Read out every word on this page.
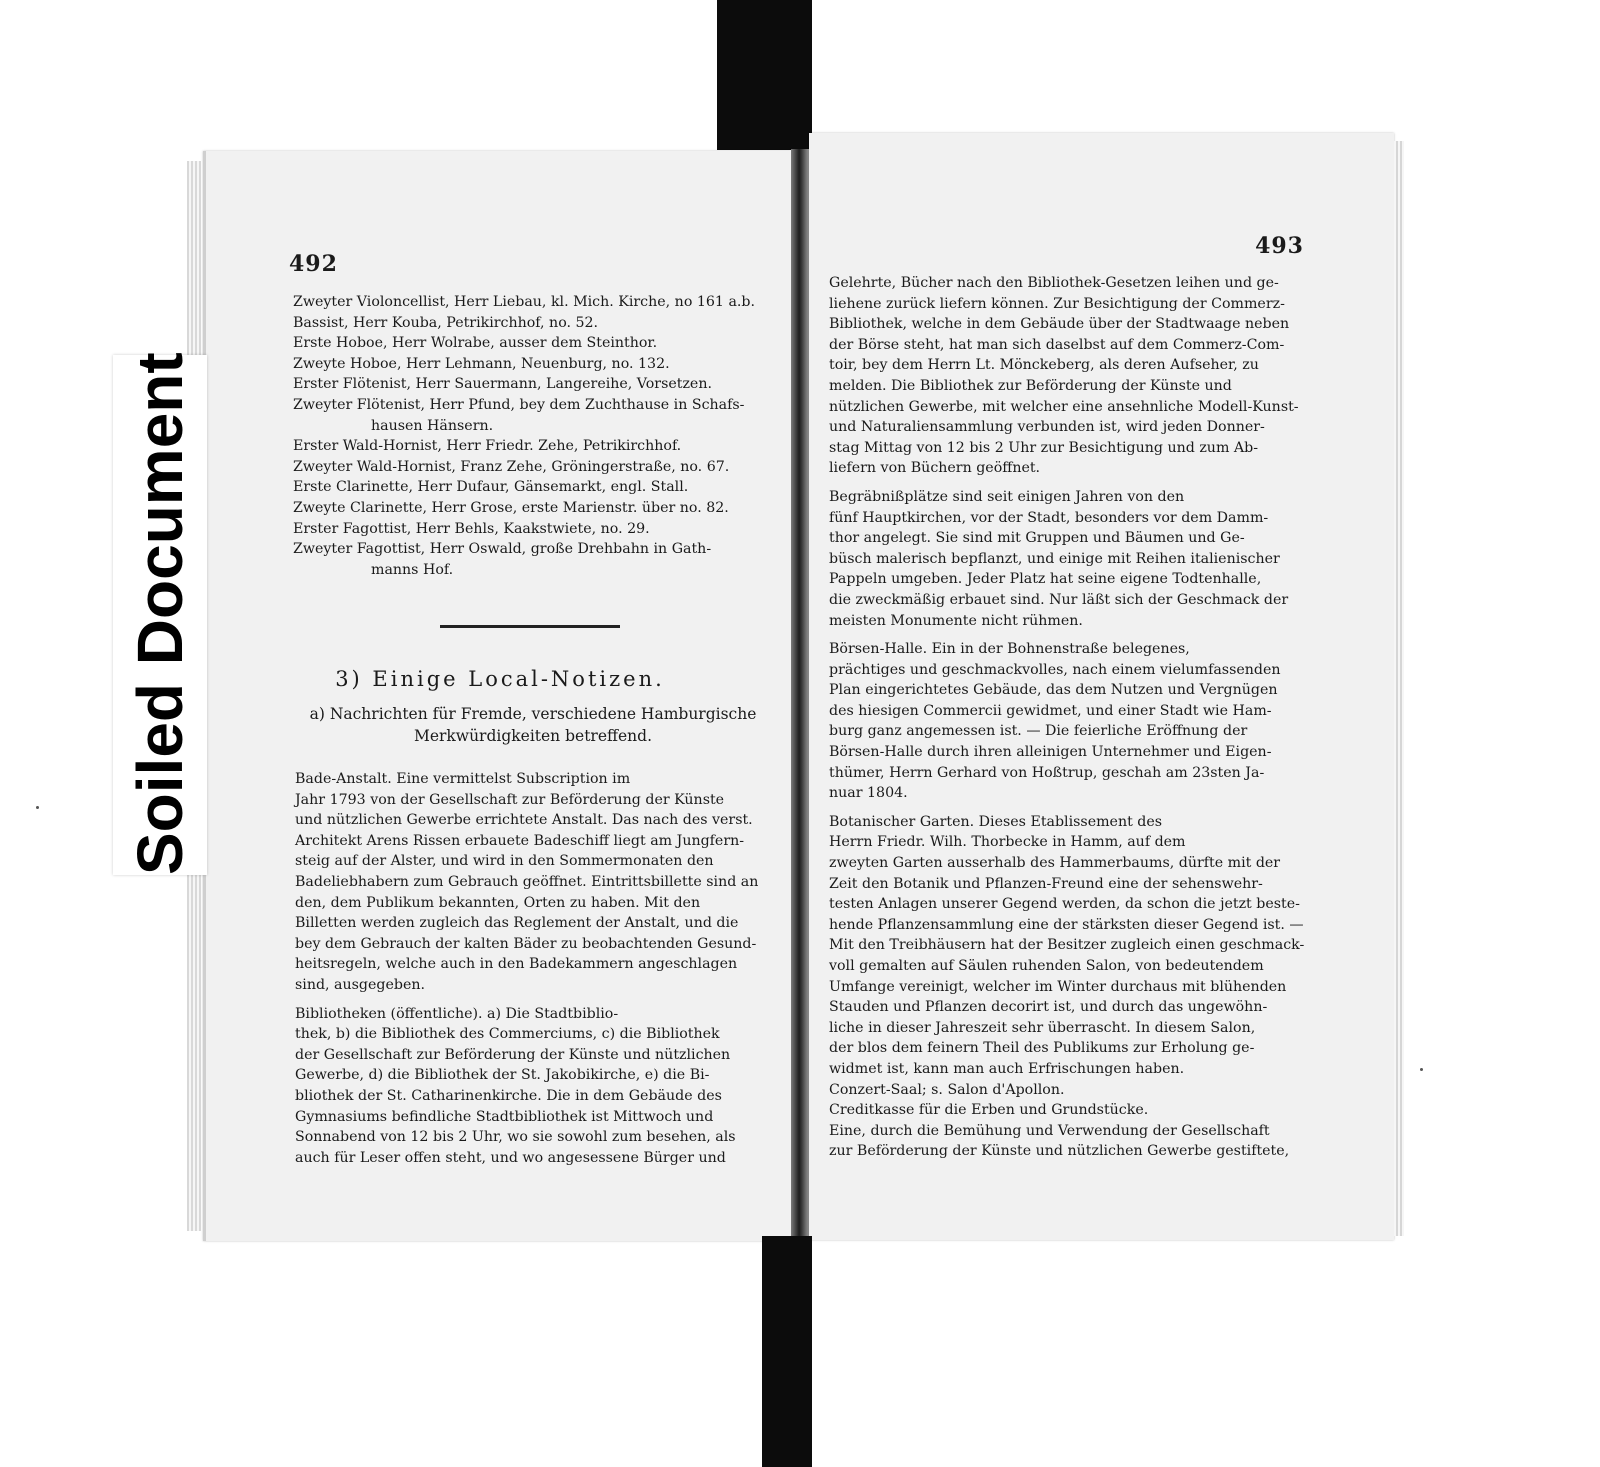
492
Zweyter Violoncellist, Herr Liebau, kl. Mich. Kirche, no 161 a.b.
Bassist, Herr Kouba, Petrikirchhof, no. 52.
Erste Hoboe, Herr Wolrabe, ausser dem Steinthor.
Zweyte Hoboe, Herr Lehmann, Neuenburg, no. 132.
Erster Flötenist, Herr Sauermann, Langereihe, Vorsetzen.
Zweyter Flötenist, Herr Pfund, bey dem Zuchthause in Schafs-
hausen Hänsern.
Erster Wald-Hornist, Herr Friedr. Zehe, Petrikirchhof.
Zweyter Wald-Hornist, Franz Zehe, Gröningerstraße, no. 67.
Erste Clarinette, Herr Dufaur, Gänsemarkt, engl. Stall.
Zweyte Clarinette, Herr Grose, erste Marienstr. über no. 82.
Erster Fagottist, Herr Behls, Kaakstwiete, no. 29.
Zweyter Fagottist, Herr Oswald, große Drehbahn in Gath-
manns Hof.
3) Einige Local-Notizen.
a) Nachrichten für Fremde, verschiedene Hamburgische
Merkwürdigkeiten betreffend.
Bade-Anstalt. Eine vermittelst Subscription im
Jahr 1793 von der Gesellschaft zur Beförderung der Künste
und nützlichen Gewerbe errichtete Anstalt. Das nach des verst.
Architekt Arens Rissen erbauete Badeschiff liegt am Jungfern-
steig auf der Alster, und wird in den Sommermonaten den
Badeliebhabern zum Gebrauch geöffnet. Eintrittsbillette sind an
den, dem Publikum bekannten, Orten zu haben. Mit den
Billetten werden zugleich das Reglement der Anstalt, und die
bey dem Gebrauch der kalten Bäder zu beobachtenden Gesund-
heitsregeln, welche auch in den Badekammern angeschlagen
sind, ausgegeben.
Bibliotheken (öffentliche). a) Die Stadtbiblio-
thek, b) die Bibliothek des Commerciums, c) die Bibliothek
der Gesellschaft zur Beförderung der Künste und nützlichen
Gewerbe, d) die Bibliothek der St. Jakobikirche, e) die Bi-
bliothek der St. Catharinenkirche. Die in dem Gebäude des
Gymnasiums befindliche Stadtbibliothek ist Mittwoch und
Sonnabend von 12 bis 2 Uhr, wo sie sowohl zum besehen, als
auch für Leser offen steht, und wo angesessene Bürger und
493
Gelehrte, Bücher nach den Bibliothek-Gesetzen leihen und ge-
liehene zurück liefern können. Zur Besichtigung der Commerz-
Bibliothek, welche in dem Gebäude über der Stadtwaage neben
der Börse steht, hat man sich daselbst auf dem Commerz-Com-
toir, bey dem Herrn Lt. Mönckeberg, als deren Aufseher, zu
melden. Die Bibliothek zur Beförderung der Künste und
nützlichen Gewerbe, mit welcher eine ansehnliche Modell-Kunst-
und Naturaliensammlung verbunden ist, wird jeden Donner-
stag Mittag von 12 bis 2 Uhr zur Besichtigung und zum Ab-
liefern von Büchern geöffnet.
Begräbnißplätze sind seit einigen Jahren von den
fünf Hauptkirchen, vor der Stadt, besonders vor dem Damm-
thor angelegt. Sie sind mit Gruppen und Bäumen und Ge-
büsch malerisch bepflanzt, und einige mit Reihen italienischer
Pappeln umgeben. Jeder Platz hat seine eigene Todtenhalle,
die zweckmäßig erbauet sind. Nur läßt sich der Geschmack der
meisten Monumente nicht rühmen.
Börsen-Halle. Ein in der Bohnenstraße belegenes,
prächtiges und geschmackvolles, nach einem vielumfassenden
Plan eingerichtetes Gebäude, das dem Nutzen und Vergnügen
des hiesigen Commercii gewidmet, und einer Stadt wie Ham-
burg ganz angemessen ist. — Die feierliche Eröffnung der
Börsen-Halle durch ihren alleinigen Unternehmer und Eigen-
thümer, Herrn Gerhard von Hoßtrup, geschah am 23sten Ja-
nuar 1804.
Botanischer Garten. Dieses Etablissement des
Herrn Friedr. Wilh. Thorbecke in Hamm, auf dem
zweyten Garten ausserhalb des Hammerbaums, dürfte mit der
Zeit den Botanik und Pflanzen-Freund eine der sehenswehr-
testen Anlagen unserer Gegend werden, da schon die jetzt beste-
hende Pflanzensammlung eine der stärksten dieser Gegend ist. —
Mit den Treibhäusern hat der Besitzer zugleich einen geschmack-
voll gemalten auf Säulen ruhenden Salon, von bedeutendem
Umfange vereinigt, welcher im Winter durchaus mit blühenden
Stauden und Pflanzen decorirt ist, und durch das ungewöhn-
liche in dieser Jahreszeit sehr überrascht. In diesem Salon,
der blos dem feinern Theil des Publikums zur Erholung ge-
widmet ist, kann man auch Erfrischungen haben.
Conzert-Saal; s. Salon d'Apollon.
Creditkasse für die Erben und Grundstücke.
Eine, durch die Bemühung und Verwendung der Gesellschaft
zur Beförderung der Künste und nützlichen Gewerbe gestiftete,
Soiled Document
